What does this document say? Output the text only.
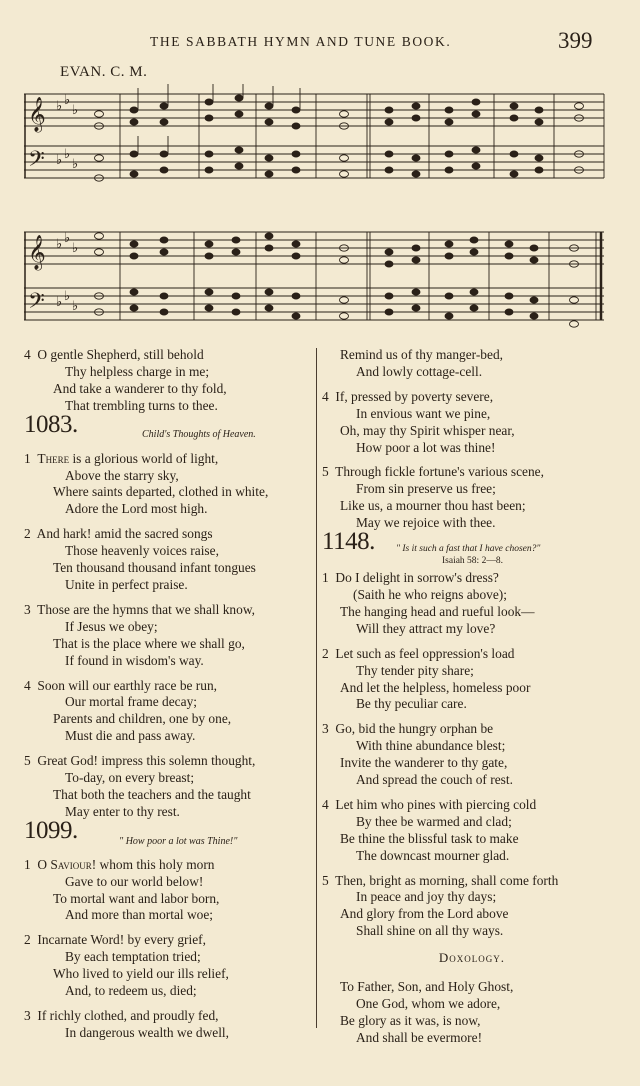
THE SABBATH HYMN AND TUNE BOOK.	399
EVAN. C. M.
𝄞
𝄢
♭ ♭
♭
♭ ♭
♭
𝄞
𝄢
♭ ♭
♭
♭ ♭
♭
4 O gentle Shepherd, still behold
Thy helpless charge in me;
And take a wanderer to thy fold,
That trembling turns to thee.
1083.	Child's Thoughts of Heaven.
1 There is a glorious world of light,
Above the starry sky,
Where saints departed, clothed in white,
Adore the Lord most high.
2 And hark! amid the sacred songs
Those heavenly voices raise,
Ten thousand thousand infant tongues
Unite in perfect praise.
3 Those are the hymns that we shall know,
If Jesus we obey;
That is the place where we shall go,
If found in wisdom's way.
4 Soon will our earthly race be run,
Our mortal frame decay;
Parents and children, one by one,
Must die and pass away.
5 Great God! impress this solemn thought,
To-day, on every breast;
That both the teachers and the taught
May enter to thy rest.
1099.	" How poor a lot was Thine!"
1 O Saviour! whom this holy morn
Gave to our world below!
To mortal want and labor born,
And more than mortal woe;
2 Incarnate Word! by every grief,
By each temptation tried;
Who lived to yield our ills relief,
And, to redeem us, died;
3 If richly clothed, and proudly fed,
In dangerous wealth we dwell,
Remind us of thy manger-bed,
And lowly cottage-cell.
4 If, pressed by poverty severe,
In envious want we pine,
Oh, may thy Spirit whisper near,
How poor a lot was thine!
5 Through fickle fortune's various scene,
From sin preserve us free;
Like us, a mourner thou hast been;
May we rejoice with thee.
1148. " Is it such a fast that I have chosen?"
Isaiah 58: 2—8.
1 Do I delight in sorrow's dress?
(Saith he who reigns above);
The hanging head and rueful look—
Will they attract my love?
2 Let such as feel oppression's load
Thy tender pity share;
And let the helpless, homeless poor
Be thy peculiar care.
3 Go, bid the hungry orphan be
With thine abundance blest;
Invite the wanderer to thy gate,
And spread the couch of rest.
4 Let him who pines with piercing cold
By thee be warmed and clad;
Be thine the blissful task to make
The downcast mourner glad.
5 Then, bright as morning, shall come forth
In peace and joy thy days;
And glory from the Lord above
Shall shine on all thy ways.
Doxology.
To Father, Son, and Holy Ghost,
One God, whom we adore,
Be glory as it was, is now,
And shall be evermore!
